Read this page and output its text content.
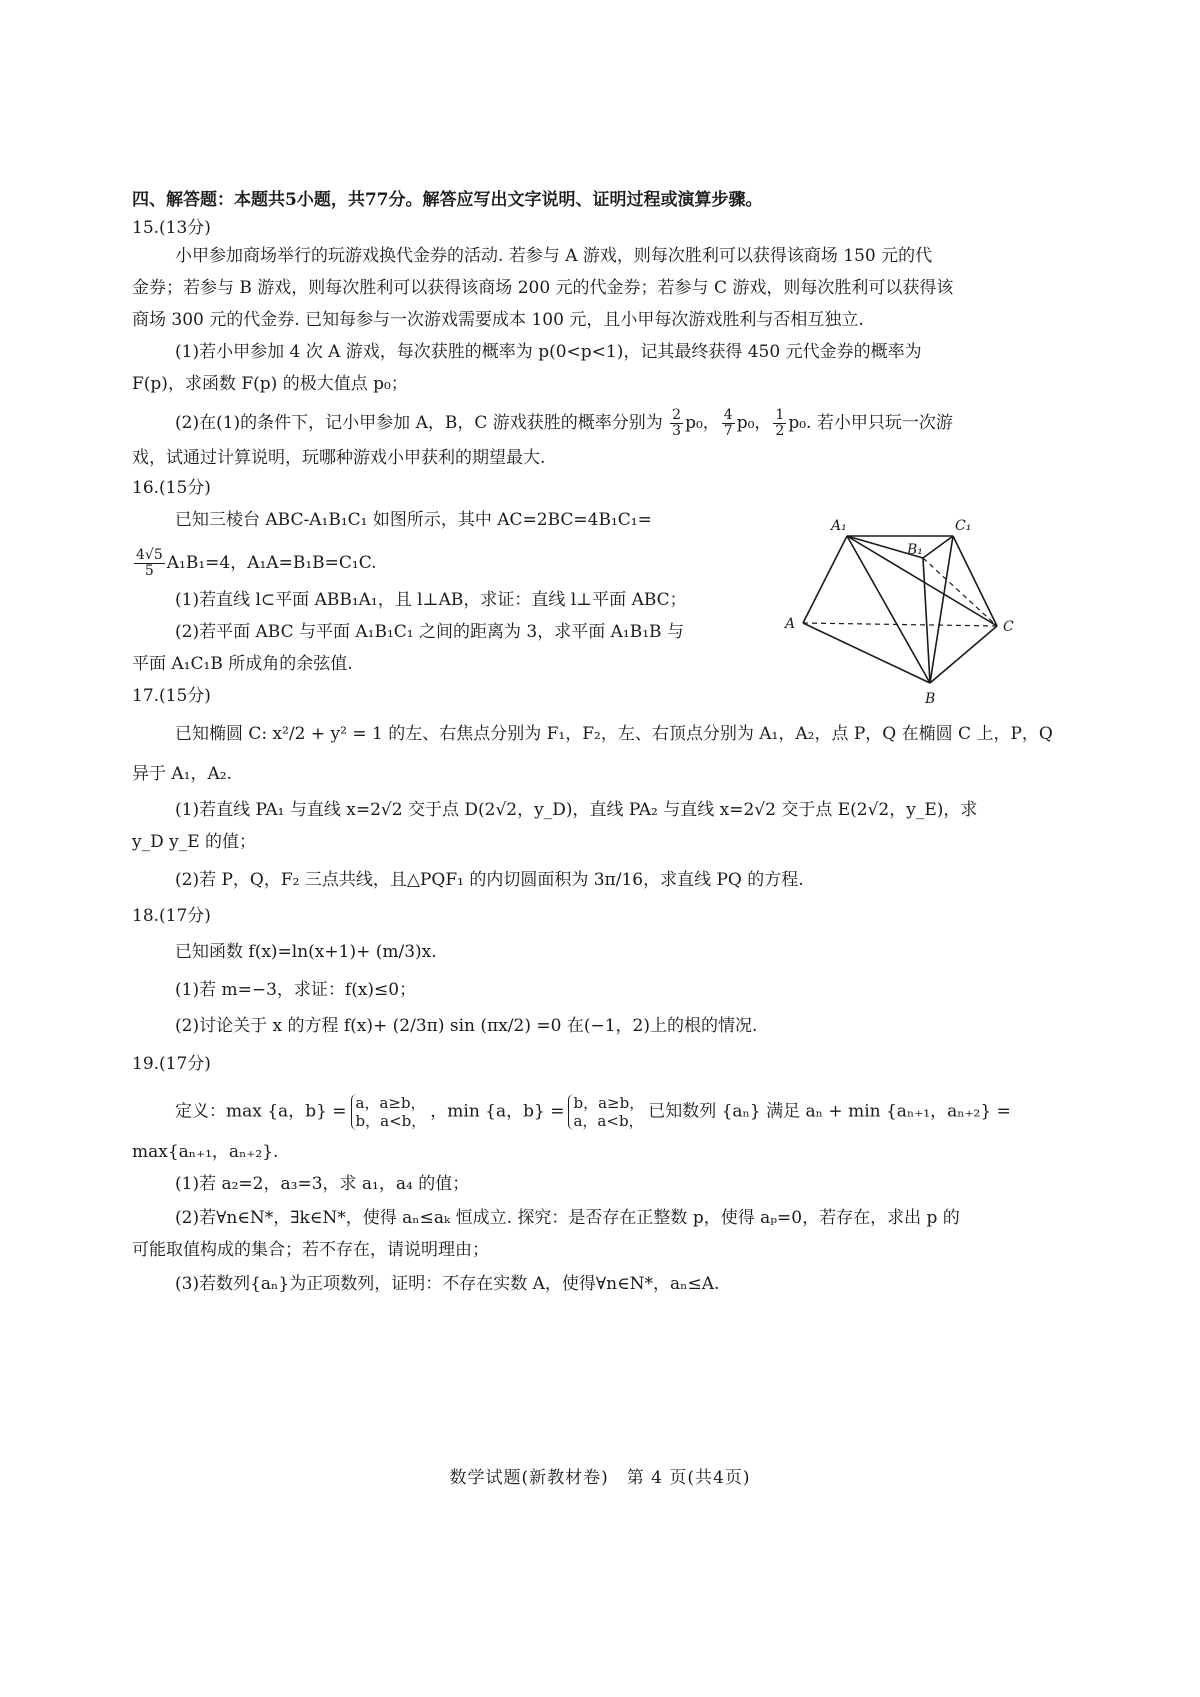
四、解答题：本题共5小题，共77分。解答应写出文字说明、证明过程或演算步骤。
15.(13分)
小甲参加商场举行的玩游戏换代金券的活动. 若参与 A 游戏，则每次胜利可以获得该商场 150 元的代
金券；若参与 B 游戏，则每次胜利可以获得该商场 200 元的代金券；若参与 C 游戏，则每次胜利可以获得该
商场 300 元的代金券. 已知每参与一次游戏需要成本 100 元，且小甲每次游戏胜利与否相互独立.
(1)若小甲参加 4 次 A 游戏，每次获胜的概率为 p(0<p<1)，记其最终获得 450 元代金券的概率为
F(p)，求函数 F(p) 的极大值点 p₀；
(2)在(1)的条件下，记小甲参加 A，B，C 游戏获胜的概率分别为 $\frac{2}{3} p_0$， $\frac{4}{7} p_0$， $\frac{1}{2} p_0$. 若小甲只玩一次游
戏，试通过计算说明，玩哪种游戏小甲获利的期望最大.
16.(15分)
已知三棱台 ABC-A₁B₁C₁ 如图所示，其中 AC=2BC=4B₁C₁=
$\frac{4√5}{5} A_1B_1=4$，A₁A=B₁B=C₁C.
(1)若直线 l⊂平面 ABB₁A₁，且 l⊥AB，求证：直线 l⊥平面 ABC；
(2)若平面 ABC 与平面 A₁B₁C₁ 之间的距离为 3，求平面 A₁B₁B 与
平面 A₁C₁B 所成角的余弦值.
A₁	C₁
B₁
A	C
B
17.(15分)
已知椭圆 C: x²/2 + y² = 1 的左、右焦点分别为 F₁，F₂，左、右顶点分别为 A₁，A₂，点 P，Q 在椭圆 C 上，P，Q
异于 A₁，A₂.
(1)若直线 PA₁ 与直线 x=2√2 交于点 D(2√2，y_D)，直线 PA₂ 与直线 x=2√2 交于点 E(2√2，y_E)，求
y_D y_E 的值；
(2)若 P，Q，F₂ 三点共线，且△PQF₁ 的内切圆面积为 3π/16，求直线 PQ 的方程.
18.(17分)
已知函数 f(x)=ln(x+1)+ (m/3)x.
(1)若 m=−3，求证：f(x)≤0；
(2)讨论关于 x 的方程 f(x)+ (2/3π) sin (πx/2) =0 在(−1，2)上的根的情况.
19.(17分)
定义：max {a，b} = a，a≥b，
b，a<b， ，min {a，b} = b，a≥b，
a，a<b， 已知数列 {aₙ} 满足 aₙ + min {aₙ₊₁，aₙ₊₂} =
max{aₙ₊₁，aₙ₊₂}.
(1)若 a₂=2，a₃=3，求 a₁，a₄ 的值；
(2)若∀n∈N*，∃k∈N*，使得 aₙ≤aₖ 恒成立. 探究：是否存在正整数 p，使得 aₚ=0，若存在，求出 p 的
可能取值构成的集合；若不存在，请说明理由；
(3)若数列{aₙ}为正项数列，证明：不存在实数 A，使得∀n∈N*，aₙ≤A.
数学试题(新教材卷)　第 4 页(共4页)
